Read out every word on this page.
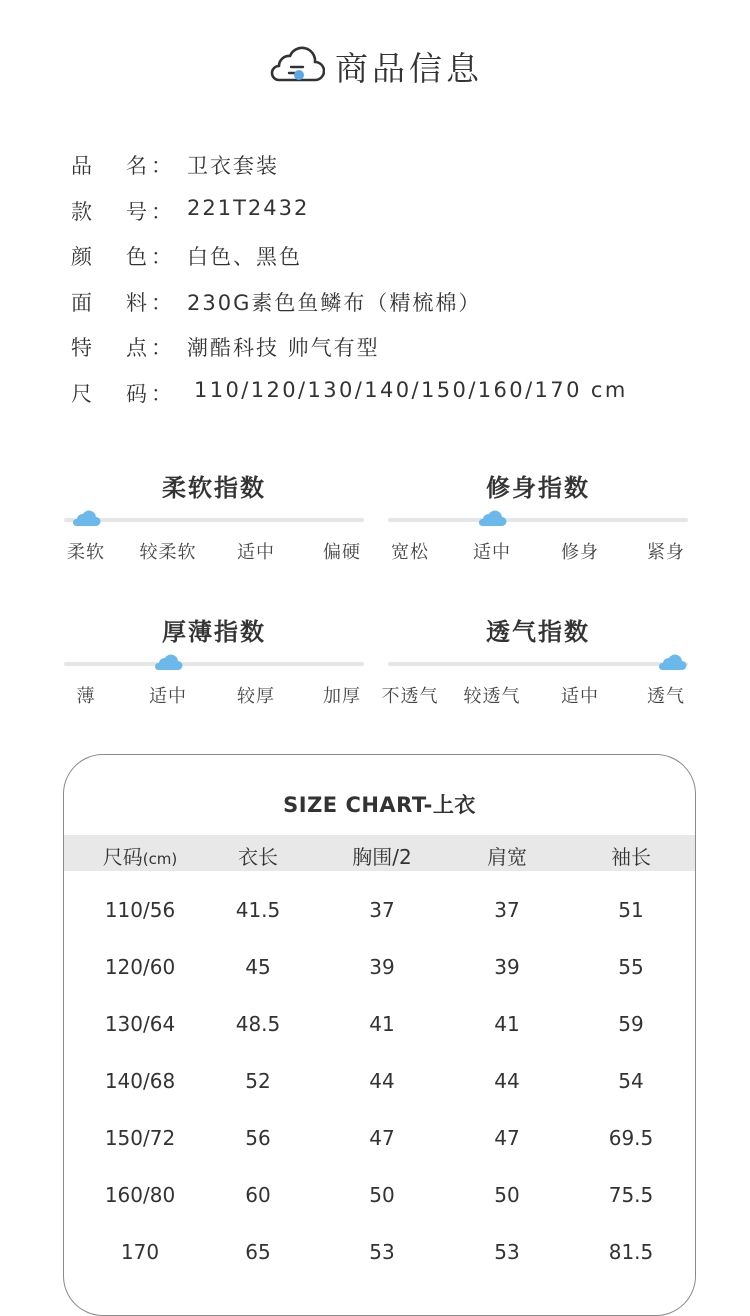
商品信息
品 名 ： 卫衣套装
款 号 ： 221T2432
颜 色 ： 白色、黑色
面 料 ： 230G素色鱼鳞布（精梳棉）
特 点 ： 潮酷科技 帅气有型
尺 码 ： 110/120/130/140/150/160/170 cm
柔软指数
柔软 较柔软 适中	偏硬
修身指数
宽松 适中	修身	紧身
厚薄指数
薄	适中	较厚	加厚
透气指数
不透气 较透气 适中	透气
SIZE CHART-上衣
尺码(cm)	衣长	胸围/2	肩宽	袖长
110/56	41.5	37	37	51
120/60	45	39	39	55
130/64	48.5	41	41	59
140/68	52	44	44	54
150/72	56	47	47	69.5
160/80	60	50	50	75.5
170	65	53	53	81.5
